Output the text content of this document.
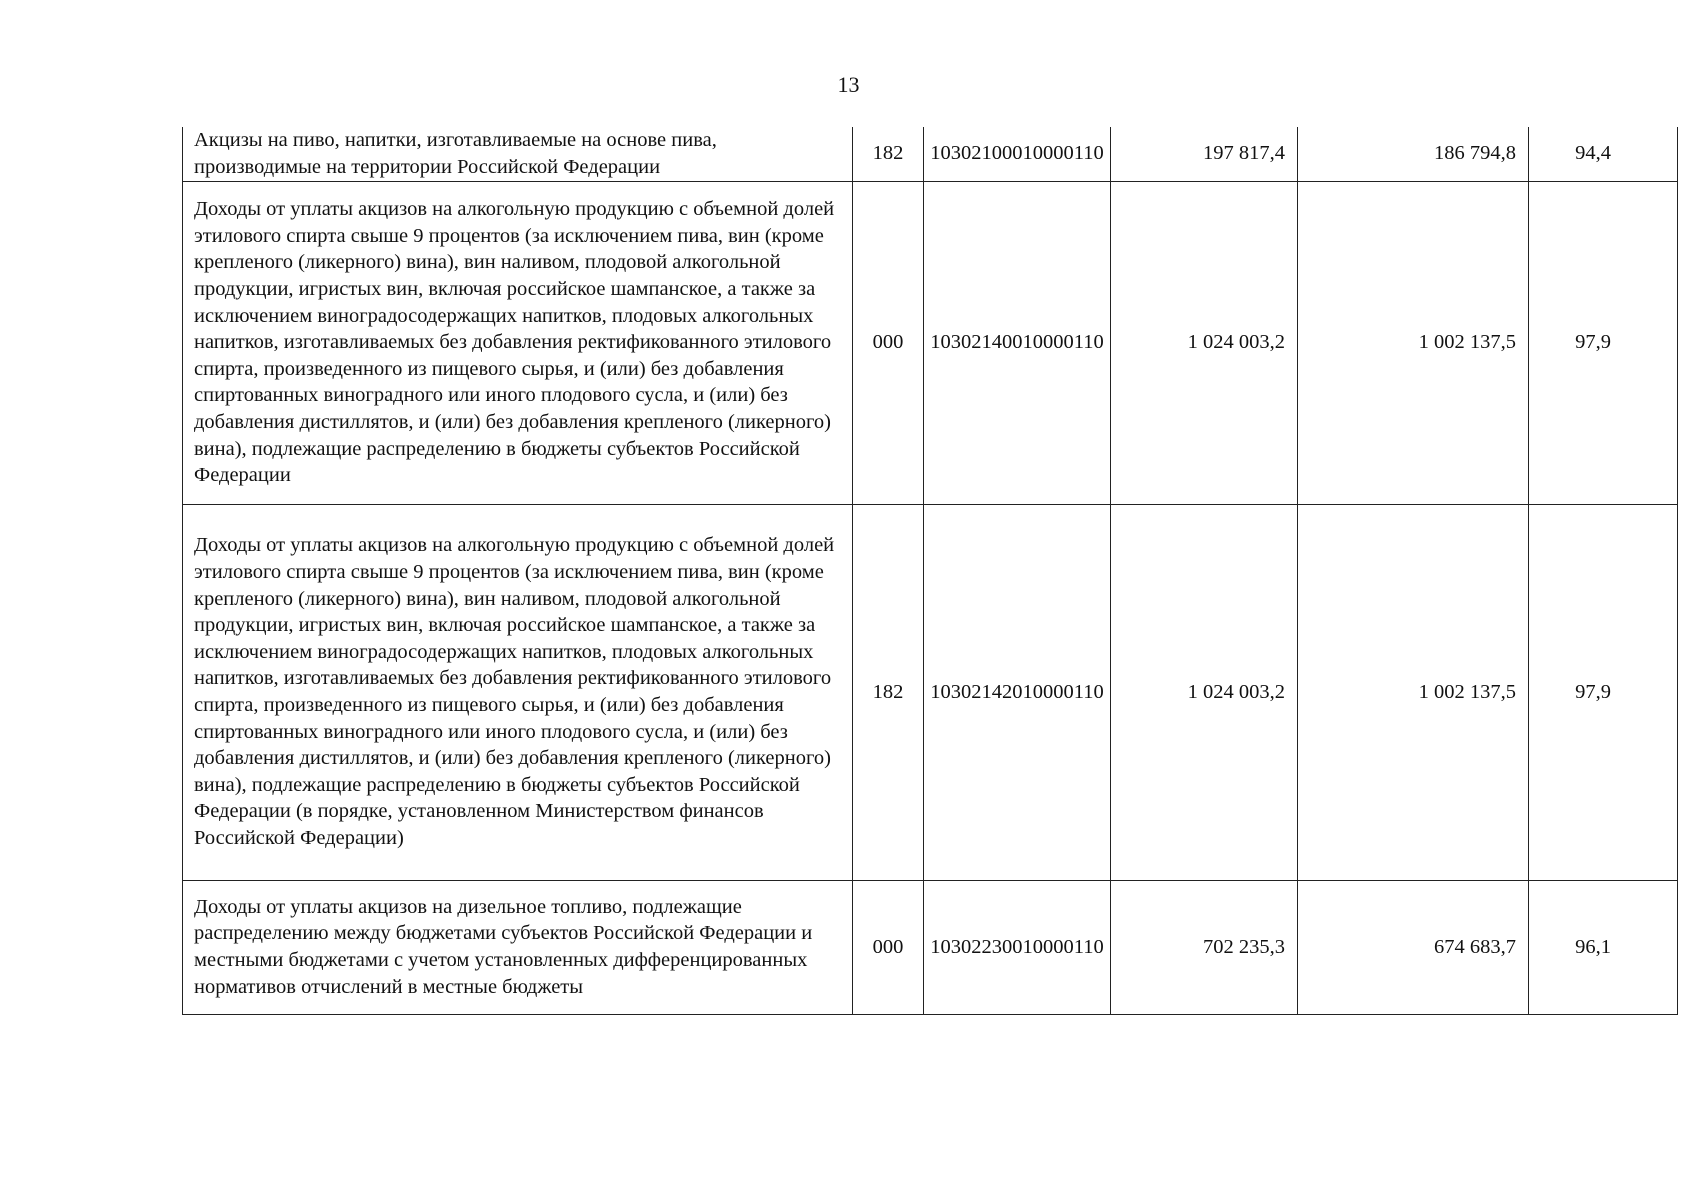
13
Акцизы на пиво, напитки, изготавливаемые на основе пива, производимые на территории Российской Федерации	182	10302100010000110	197 817,4	186 794,8	94,4
Доходы от уплаты акцизов на алкогольную продукцию с объемной долей этилового спирта свыше 9 процентов (за исключением пива, вин (кроме крепленого (ликерного) вина), вин наливом, плодовой алкогольной продукции, игристых вин, включая российское шампанское, а также за исключением виноградосодержащих напитков, плодовых алкогольных напитков, изготавливаемых без добавления ректификованного этилового спирта, произведенного из пищевого сырья, и (или) без добавления спиртованных виноградного или иного плодового сусла, и (или) без добавления дистиллятов, и (или) без добавления крепленого (ликерного) вина), подлежащие распределению в бюджеты субъектов Российской Федерации	000	10302140010000110	1 024 003,2	1 002 137,5	97,9
Доходы от уплаты акцизов на алкогольную продукцию с объемной долей этилового спирта свыше 9 процентов (за исключением пива, вин (кроме крепленого (ликерного) вина), вин наливом, плодовой алкогольной продукции, игристых вин, включая российское шампанское, а также за исключением виноградосодержащих напитков, плодовых алкогольных напитков, изготавливаемых без добавления ректификованного этилового спирта, произведенного из пищевого сырья, и (или) без добавления спиртованных виноградного или иного плодового сусла, и (или) без добавления дистиллятов, и (или) без добавления крепленого (ликерного) вина), подлежащие распределению в бюджеты субъектов Российской Федерации (в порядке, установленном Министерством финансов Российской Федерации)	182	10302142010000110	1 024 003,2	1 002 137,5	97,9
Доходы от уплаты акцизов на дизельное топливо, подлежащие распределению между бюджетами субъектов Российской Федерации и местными бюджетами с учетом установленных дифференцированных нормативов отчислений в местные бюджеты	000	10302230010000110	702 235,3	674 683,7	96,1
